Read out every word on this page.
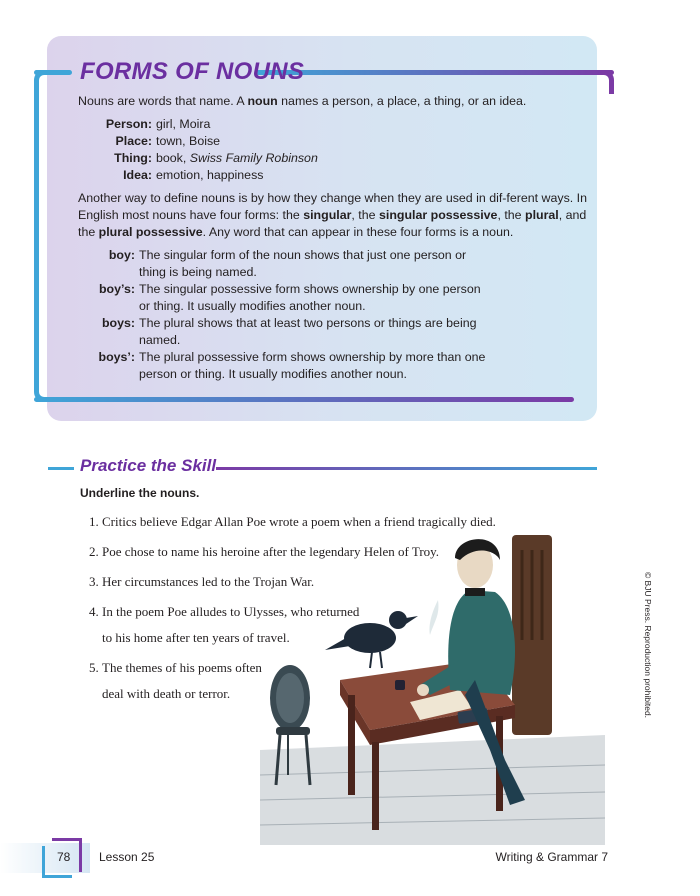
FORMS OF NOUNS

Nouns are words that name. A noun names a person, a place, a thing, or an idea.

Person: girl, Moira
Place: town, Boise
Thing: book, Swiss Family Robinson
Idea: emotion, happiness

Another way to define nouns is by how they change when they are used in dif-ferent ways. In English most nouns have four forms: the singular, the singular possessive, the plural, and the plural possessive. Any word that can appear in these four forms is a noun.

boy: The singular form of the noun shows that just one person or thing is being named.
boy’s: The singular possessive form shows ownership by one person or thing. It usually modifies another noun.
boys: The plural shows that at least two persons or things are being named.
boys’: The plural possessive form shows ownership by more than one person or thing. It usually modifies another noun.
Practice the Skill
Underline the nouns.
1. Critics believe Edgar Allan Poe wrote a poem when a friend tragically died.
2. Poe chose to name his heroine after the legendary Helen of Troy.
3. Her circumstances led to the Trojan War.
4. In the poem Poe alludes to Ulysses, who returned
to his home after ten years of travel.
5. The themes of his poems often
deal with death or terror.	© BJU Press. Reproduction prohibited.
78 Lesson 25	Writing & Grammar 7
